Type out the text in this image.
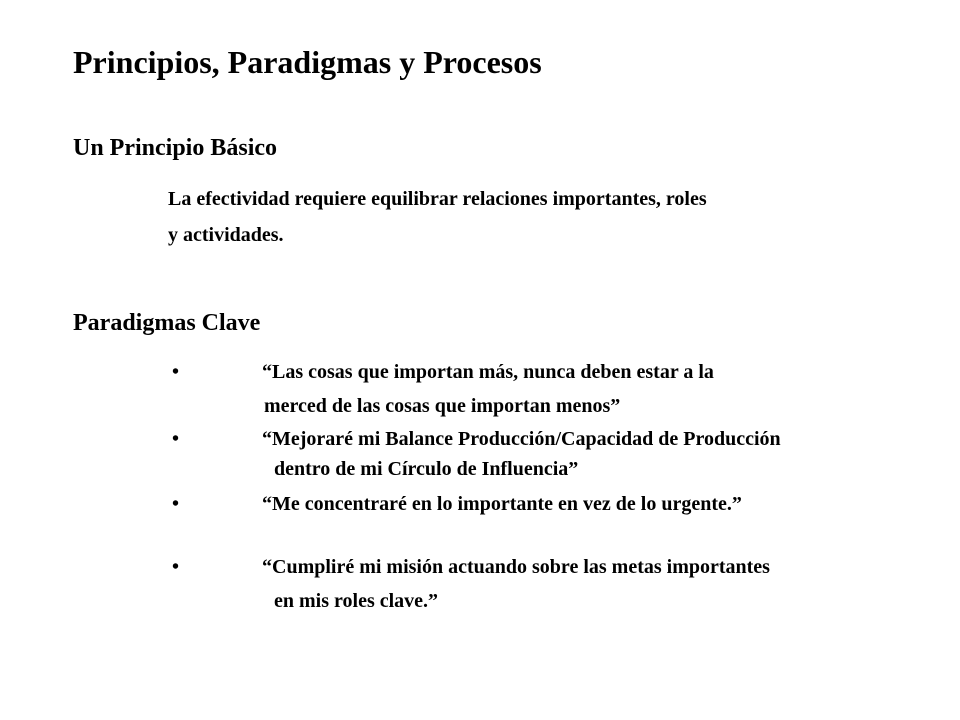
Principios, Paradigmas y Procesos
Un Principio Básico
La efectividad requiere equilibrar relaciones importantes, roles
y actividades.
Paradigmas Clave
•	“Las cosas que importan más, nunca deben estar a la
merced de las cosas que importan menos”
•	“Mejoraré mi Balance Producción/Capacidad de Producción
dentro de mi Círculo de Influencia”
•	“Me concentraré en lo importante en vez de lo urgente.”
•	“Cumpliré mi misión actuando sobre las metas importantes
en mis roles clave.”
